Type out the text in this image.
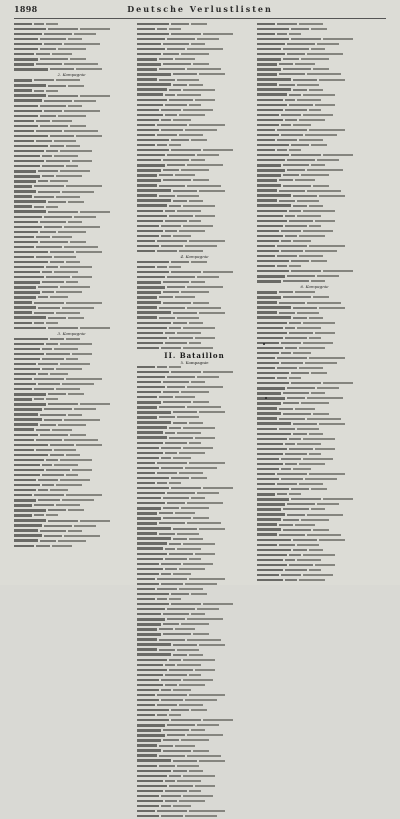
1898	Deutsche Verlustlisten
2. Kompagnie
3. Kompagnie
4. Kompagnie
II. Bataillon
5. Kompagnie
6. Kompagnie
